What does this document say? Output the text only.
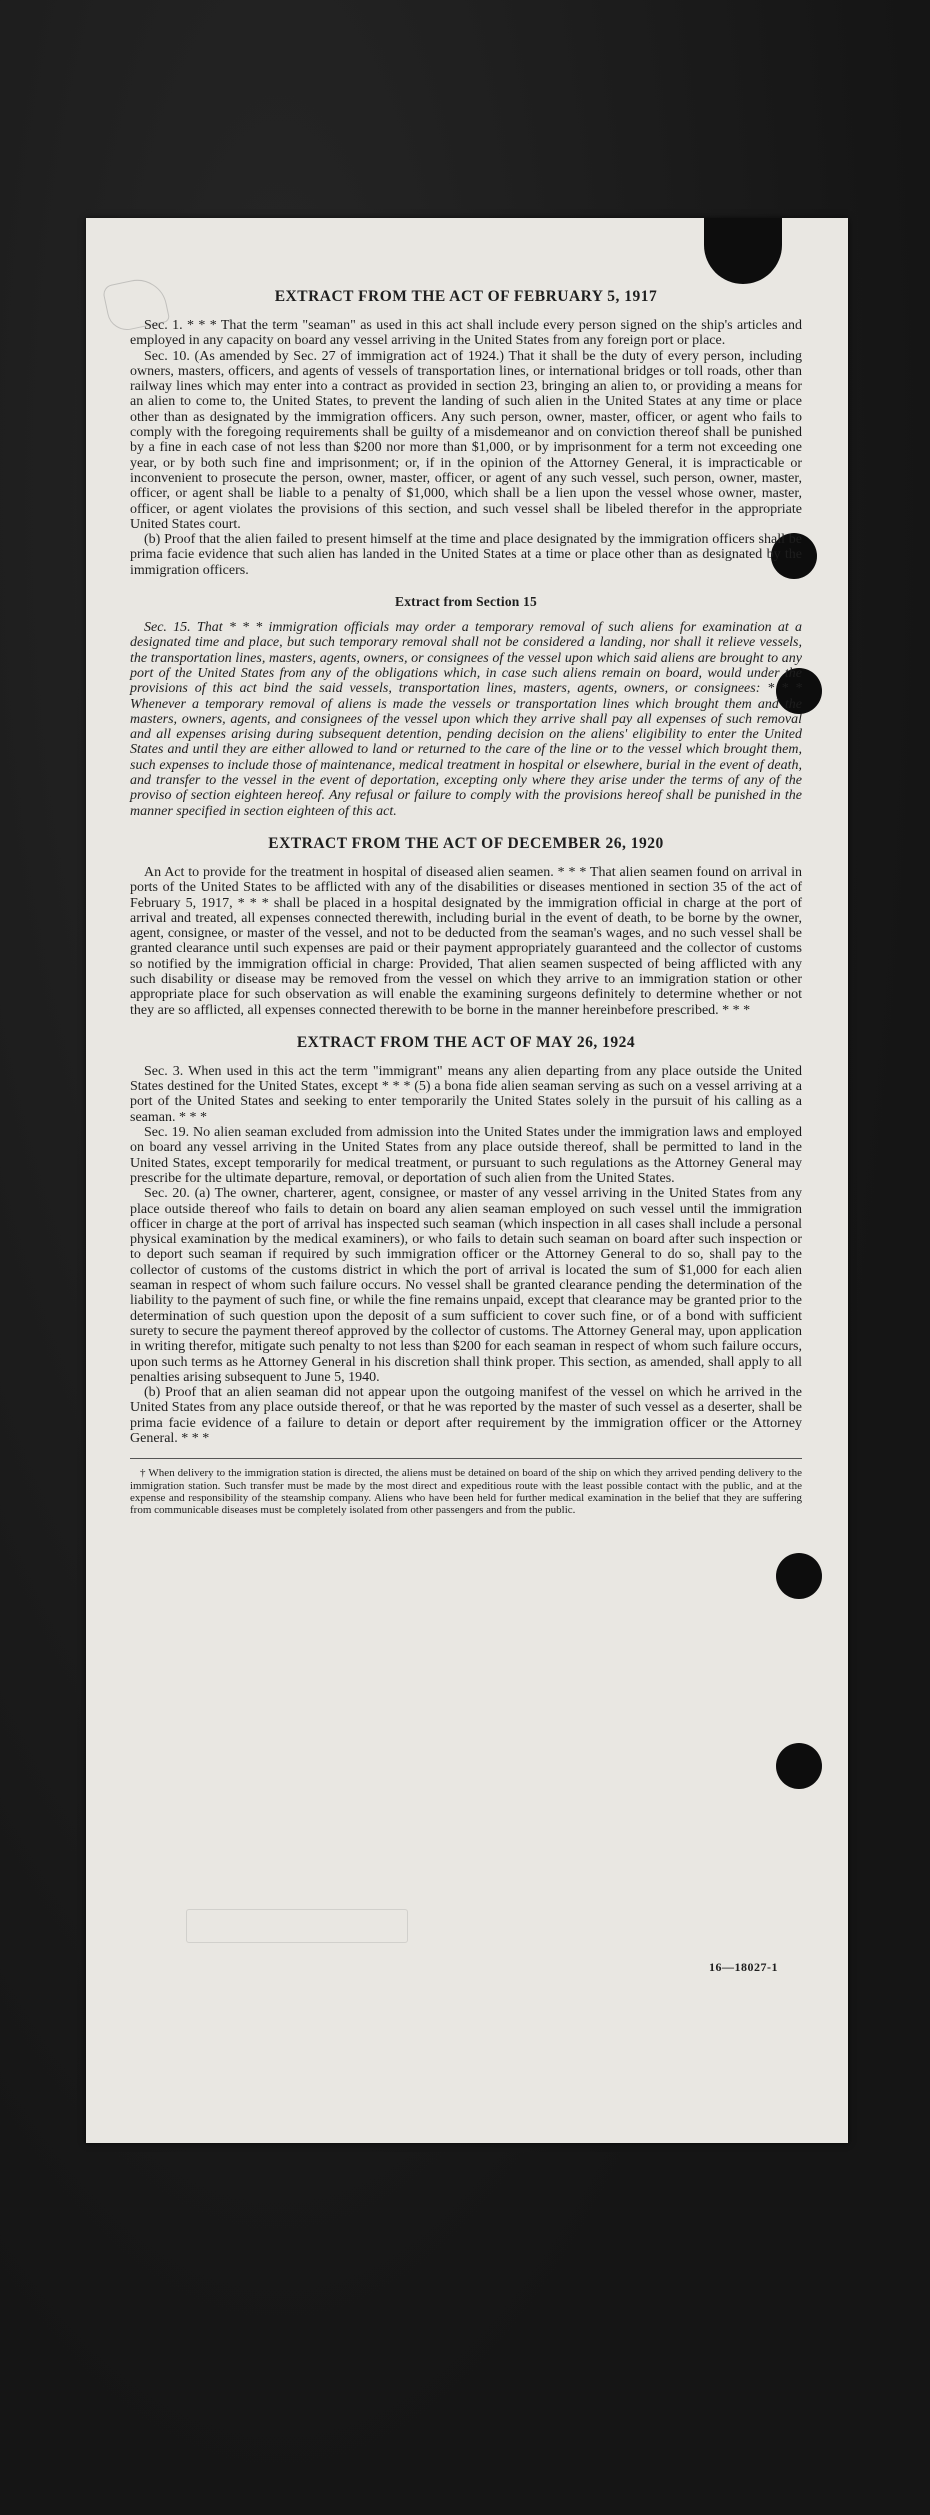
EXTRACT FROM THE ACT OF FEBRUARY 5, 1917

Sec. 1. * * * That the term "seaman" as used in this act shall include every person signed on the ship's articles and employed in any capacity on board any vessel arriving in the United States from any foreign port or place.

Sec. 10. (As amended by Sec. 27 of immigration act of 1924.) That it shall be the duty of every person, including owners, masters, officers, and agents of vessels of transportation lines, or international bridges or toll roads, other than railway lines which may enter into a contract as provided in section 23, bringing an alien to, or providing a means for an alien to come to, the United States, to prevent the landing of such alien in the United States at any time or place other than as designated by the immigration officers. Any such person, owner, master, officer, or agent who fails to comply with the foregoing requirements shall be guilty of a misdemeanor and on conviction thereof shall be punished by a fine in each case of not less than $200 nor more than $1,000, or by imprisonment for a term not exceeding one year, or by both such fine and imprisonment; or, if in the opinion of the Attorney General, it is impracticable or inconvenient to prosecute the person, owner, master, officer, or agent of any such vessel, such person, owner, master, officer, or agent shall be liable to a penalty of $1,000, which shall be a lien upon the vessel whose owner, master, officer, or agent violates the provisions of this section, and such vessel shall be libeled therefor in the appropriate United States court.

(b) Proof that the alien failed to present himself at the time and place designated by the immigration officers shall be prima facie evidence that such alien has landed in the United States at a time or place other than as designated by the immigration officers.

Extract from Section 15

Sec. 15. That * * * immigration officials may order a temporary removal of such aliens for examination at a designated time and place, but such temporary removal shall not be considered a landing, nor shall it relieve vessels, the transportation lines, masters, agents, owners, or consignees of the vessel upon which said aliens are brought to any port of the United States from any of the obligations which, in case such aliens remain on board, would under the provisions of this act bind the said vessels, transportation lines, masters, agents, owners, or consignees: * * * Whenever a temporary removal of aliens is made the vessels or transportation lines which brought them and the masters, owners, agents, and consignees of the vessel upon which they arrive shall pay all expenses of such removal and all expenses arising during subsequent detention, pending decision on the aliens' eligibility to enter the United States and until they are either allowed to land or returned to the care of the line or to the vessel which brought them, such expenses to include those of maintenance, medical treatment in hospital or elsewhere, burial in the event of death, and transfer to the vessel in the event of deportation, excepting only where they arise under the terms of any of the proviso of section eighteen hereof. Any refusal or failure to comply with the provisions hereof shall be punished in the manner specified in section eighteen of this act.

EXTRACT FROM THE ACT OF DECEMBER 26, 1920

An Act to provide for the treatment in hospital of diseased alien seamen. * * * That alien seamen found on arrival in ports of the United States to be afflicted with any of the disabilities or diseases mentioned in section 35 of the act of February 5, 1917, * * * shall be placed in a hospital designated by the immigration official in charge at the port of arrival and treated, all expenses connected therewith, including burial in the event of death, to be borne by the owner, agent, consignee, or master of the vessel, and not to be deducted from the seaman's wages, and no such vessel shall be granted clearance until such expenses are paid or their payment appropriately guaranteed and the collector of customs so notified by the immigration official in charge: Provided, That alien seamen suspected of being afflicted with any such disability or disease may be removed from the vessel on which they arrive to an immigration station or other appropriate place for such observation as will enable the examining surgeons definitely to determine whether or not they are so afflicted, all expenses connected therewith to be borne in the manner hereinbefore prescribed. * * *

EXTRACT FROM THE ACT OF MAY 26, 1924

Sec. 3. When used in this act the term "immigrant" means any alien departing from any place outside the United States destined for the United States, except * * * (5) a bona fide alien seaman serving as such on a vessel arriving at a port of the United States and seeking to enter temporarily the United States solely in the pursuit of his calling as a seaman. * * *

Sec. 19. No alien seaman excluded from admission into the United States under the immigration laws and employed on board any vessel arriving in the United States from any place outside thereof, shall be permitted to land in the United States, except temporarily for medical treatment, or pursuant to such regulations as the Attorney General may prescribe for the ultimate departure, removal, or deportation of such alien from the United States.

Sec. 20. (a) The owner, charterer, agent, consignee, or master of any vessel arriving in the United States from any place outside thereof who fails to detain on board any alien seaman employed on such vessel until the immigration officer in charge at the port of arrival has inspected such seaman (which inspection in all cases shall include a personal physical examination by the medical examiners), or who fails to detain such seaman on board after such inspection or to deport such seaman if required by such immigration officer or the Attorney General to do so, shall pay to the collector of customs of the customs district in which the port of arrival is located the sum of $1,000 for each alien seaman in respect of whom such failure occurs. No vessel shall be granted clearance pending the determination of the liability to the payment of such fine, or while the fine remains unpaid, except that clearance may be granted prior to the determination of such question upon the deposit of a sum sufficient to cover such fine, or of a bond with sufficient surety to secure the payment thereof approved by the collector of customs. The Attorney General may, upon application in writing therefor, mitigate such penalty to not less than $200 for each seaman in respect of whom such failure occurs, upon such terms as he Attorney General in his discretion shall think proper. This section, as amended, shall apply to all penalties arising subsequent to June 5, 1940.

(b) Proof that an alien seaman did not appear upon the outgoing manifest of the vessel on which he arrived in the United States from any place outside thereof, or that he was reported by the master of such vessel as a deserter, shall be prima facie evidence of a failure to detain or deport after requirement by the immigration officer or the Attorney General. * * *

† When delivery to the immigration station is directed, the aliens must be detained on board of the ship on which they arrived pending delivery to the immigration station. Such transfer must be made by the most direct and expeditious route with the least possible contact with the public, and at the expense and responsibility of the steamship company. Aliens who have been held for further medical examination in the belief that they are suffering from communicable diseases must be completely isolated from other passengers and from the public.

16—18027-1
